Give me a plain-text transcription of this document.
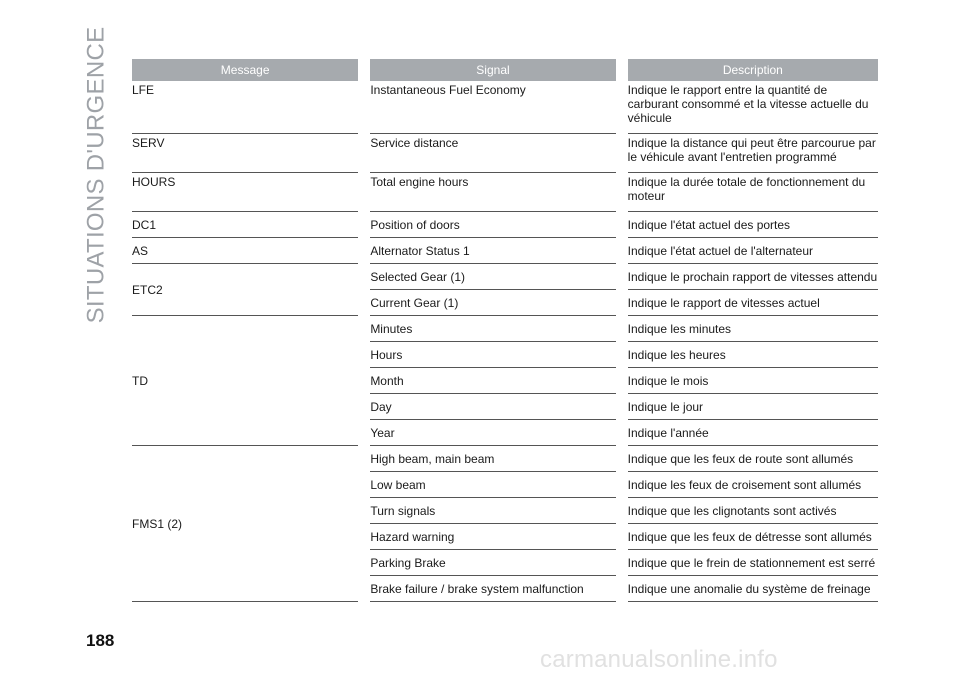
SITUATIONS D'URGENCE	Message		Signal		Description
LFE		Instantaneous Fuel Economy		Indique le rapport entre la quantité de carburant consommé et la vitesse actuelle du véhicule
SERV		Service distance		Indique la distance qui peut être parcourue par le véhicule avant l'entretien programmé
HOURS		Total engine hours		Indique la durée totale de fonctionnement du moteur
DC1		Position of doors		Indique l'état actuel des portes
AS		Alternator Status 1		Indique l'état actuel de l'alternateur
ETC2		Selected Gear (1)		Indique le prochain rapport de vitesses attendu
		Current Gear (1)		Indique le rapport de vitesses actuel
TD		Minutes		Indique les minutes
		Hours		Indique les heures
		Month		Indique le mois
		Day		Indique le jour
		Year		Indique l'année
FMS1 (2)		High beam, main beam		Indique que les feux de route sont allumés
		Low beam		Indique les feux de croisement sont allumés
		Turn signals		Indique que les clignotants sont activés
		Hazard warning		Indique que les feux de détresse sont allumés
		Parking Brake		Indique que le frein de stationnement est serré
		Brake failure / brake system malfunction		Indique une anomalie du système de freinage
188
carmanualsonline.info
